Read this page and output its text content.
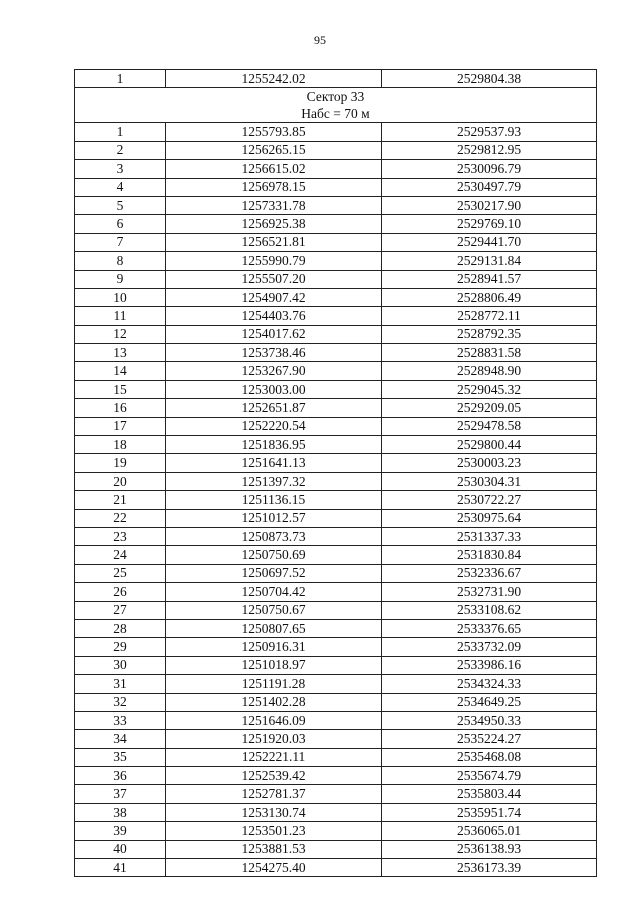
95
1	1255242.02	2529804.38

Сектор 33
Набс = 70 м		

1	1255793.85	2529537.93
2	1256265.15	2529812.95
3	1256615.02	2530096.79
4	1256978.15	2530497.79
5	1257331.78	2530217.90
6	1256925.38	2529769.10
7	1256521.81	2529441.70
8	1255990.79	2529131.84
9	1255507.20	2528941.57
10	1254907.42	2528806.49
11	1254403.76	2528772.11
12	1254017.62	2528792.35
13	1253738.46	2528831.58
14	1253267.90	2528948.90
15	1253003.00	2529045.32
16	1252651.87	2529209.05
17	1252220.54	2529478.58
18	1251836.95	2529800.44
19	1251641.13	2530003.23
20	1251397.32	2530304.31
21	1251136.15	2530722.27
22	1251012.57	2530975.64
23	1250873.73	2531337.33
24	1250750.69	2531830.84
25	1250697.52	2532336.67
26	1250704.42	2532731.90
27	1250750.67	2533108.62
28	1250807.65	2533376.65
29	1250916.31	2533732.09
30	1251018.97	2533986.16
31	1251191.28	2534324.33
32	1251402.28	2534649.25
33	1251646.09	2534950.33
34	1251920.03	2535224.27
35	1252221.11	2535468.08
36	1252539.42	2535674.79
37	1252781.37	2535803.44
38	1253130.74	2535951.74
39	1253501.23	2536065.01
40	1253881.53	2536138.93
41	1254275.40	2536173.39
